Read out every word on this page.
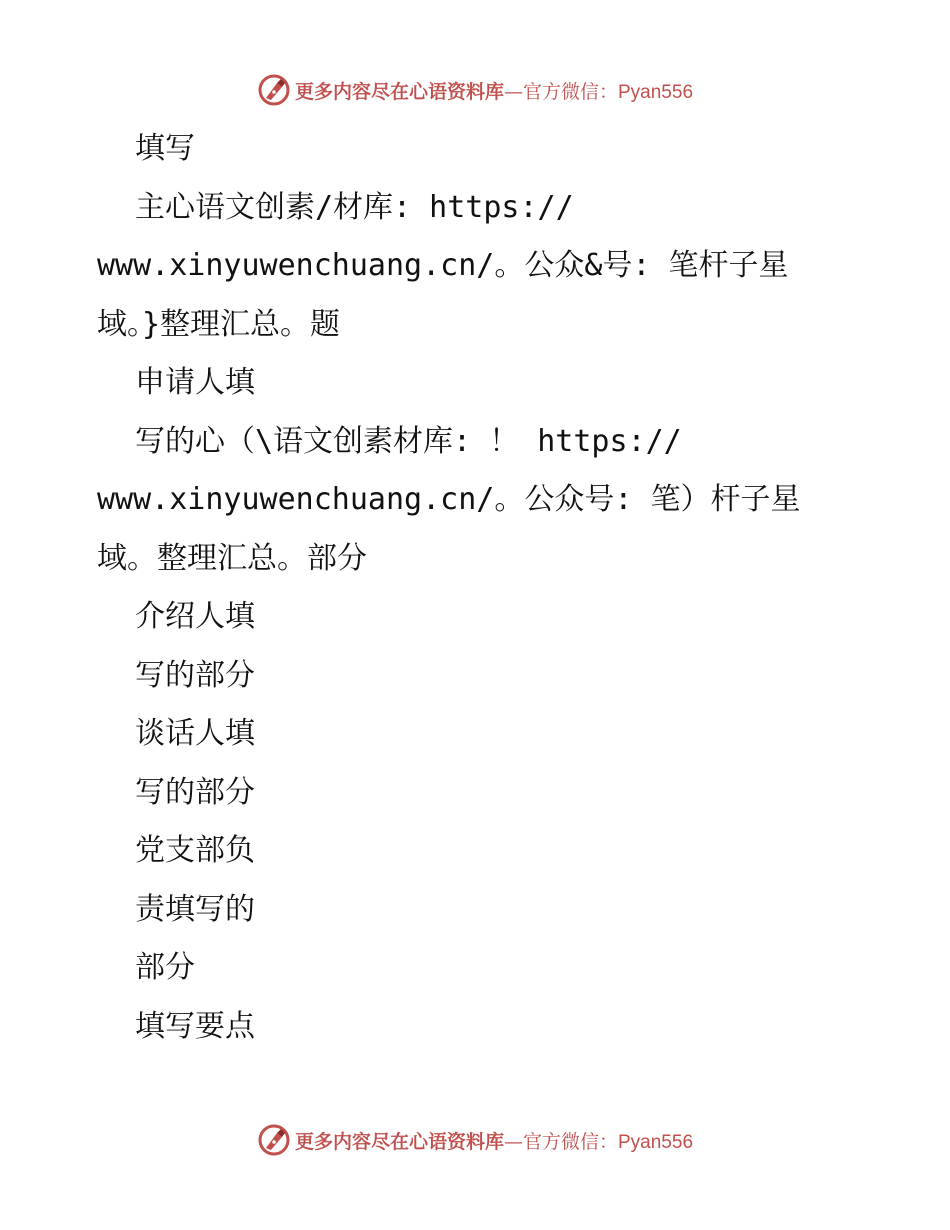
更多内容尽在心语资料库—官方微信：Pyan556
填写
主心语文创素/材库: https://
www.xinyuwenchuang.cn/。公众&号: 笔杆子星
域。}整理汇总。题
申请人填
写的心（\语文创素材库: ！ https://
www.xinyuwenchuang.cn/。公众号: 笔）杆子星
域。整理汇总。部分
介绍人填
写的部分
谈话人填
写的部分
党支部负
责填写的
部分
填写要点
更多内容尽在心语资料库—官方微信：Pyan556
